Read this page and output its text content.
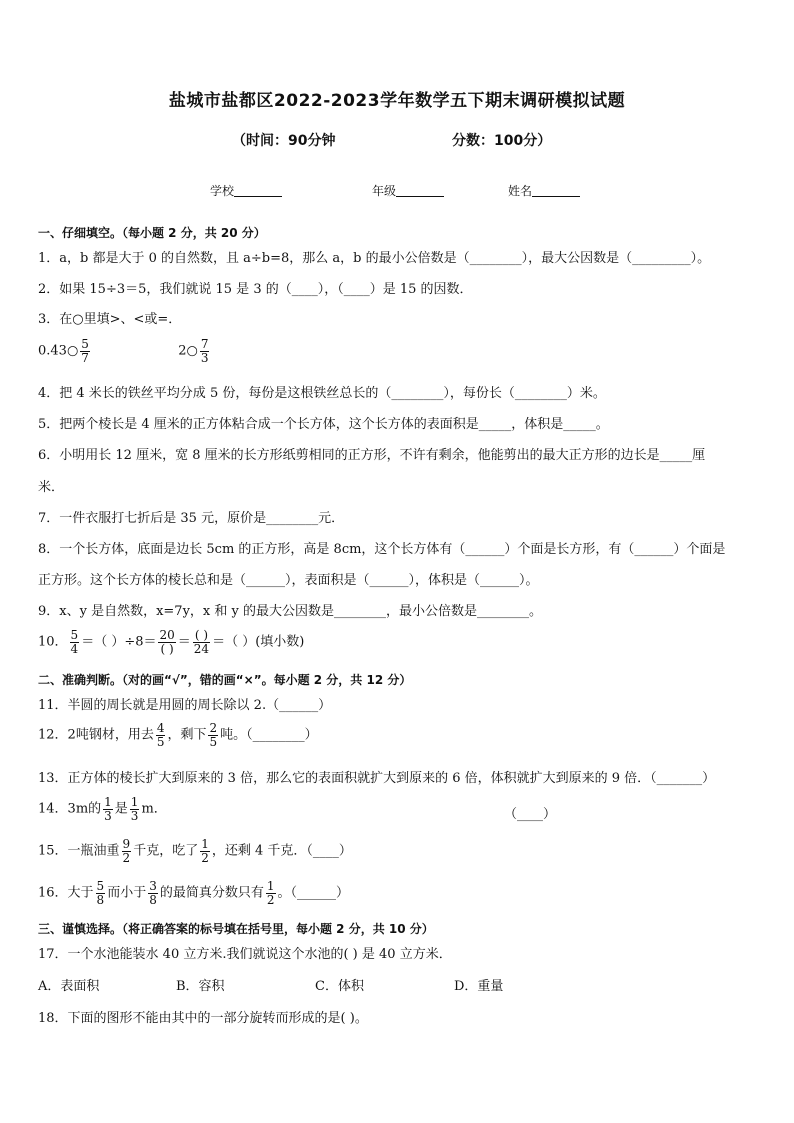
盐城市盐都区2022-2023学年数学五下期末调研模拟试题
（时间：90分钟	分数：100分）
学校	年级	姓名
一、仔细填空。（每小题 2 分，共 20 分）
1．a，b 都是大于 0 的自然数，且 a÷b=8，那么 a，b 的最小公倍数是（________），最大公因数是（_________）。
2．如果 15÷3＝5，我们就说 15 是 3 的（____），（____）是 15 的因数．
3．在○里填>、<或=．
0.43○ $\frac{5}{7}$	2○ $\frac{7}{3}$
4．把 4 米长的铁丝平均分成 5 份，每份是这根铁丝总长的（________），每份长（________）米。
5．把两个棱长是 4 厘米的正方体粘合成一个长方体，这个长方体的表面积是_____，体积是_____。
6．小明用长 12 厘米，宽 8 厘米的长方形纸剪相同的正方形，不许有剩余，他能剪出的最大正方形的边长是_____厘
米．
7．一件衣服打七折后是 35 元，原价是________元．
8．一个长方体，底面是边长 5cm 的正方形，高是 8cm，这个长方体有（______）个面是长方形，有（______）个面是
正方形。这个长方体的棱长总和是（______），表面积是（______），体积是（______）。
9．x、y 是自然数，x=7y，x 和 y 的最大公因数是________，最小公倍数是________。
10． $\frac{5}{4}$ ＝（ ）$\div 8= \frac{20}{( )} = \frac{( )}{24}$ ＝（ ）(填小数)
二、准确判断。（对的画“√”，错的画“×”。每小题 2 分，共 12 分）
11．半圆的周长就是用圆的周长除以 2.（______）
12．2吨钢材，用去 $\frac{4}{5}$ ，剩下 $\frac{2}{5}$ 吨。（________）
13．正方体的棱长扩大到原来的 3 倍，那么它的表面积就扩大到原来的 6 倍，体积就扩大到原来的 9 倍．（_______）
14．3m的 $\frac{1}{3}$ 是 $\frac{1}{3}$ m．	（____）
15．一瓶油重 $\frac{9}{2}$ 千克，吃了 $\frac{1}{2}$ ，还剩 4 千克．（____）
16．大于 $\frac{5}{8}$ 而小于 $\frac{3}{8}$ 的最简真分数只有 $\frac{1}{2}$ 。（______）
三、谨慎选择。（将正确答案的标号填在括号里，每小题 2 分，共 10 分）
17．一个水池能装水 40 立方米.我们就说这个水池的( ) 是 40 立方米．
A．表面积	B．容积	C．体积	D．重量
18．下面的图形不能由其中的一部分旋转而形成的是( )。
